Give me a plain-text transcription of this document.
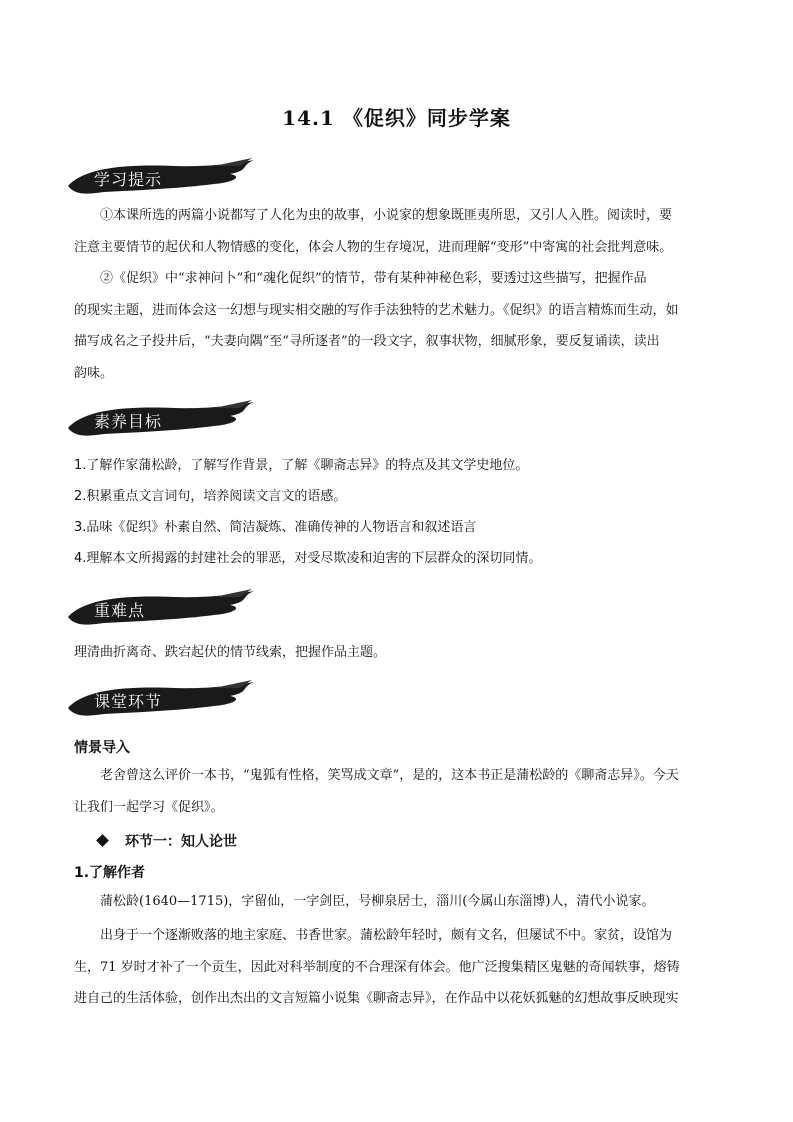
14.1 《促织》同步学案
学习提示
①本课所选的两篇小说都写了人化为虫的故事，小说家的想象既匪夷所思，又引人入胜。阅读时，要
注意主要情节的起伏和人物情感的变化，体会人物的生存境况，进而理解“变形”中寄寓的社会批判意味。
②《促织》中“求神问卜”和“魂化促织”的情节，带有某种神秘色彩，要透过这些描写，把握作品
的现实主题，进而体会这一幻想与现实相交融的写作手法独特的艺术魅力。《促织》的语言精炼而生动，如
描写成名之子投井后，“夫妻向隅”至“寻所逐者”的一段文字，叙事状物，细腻形象，要反复诵读，读出
韵味。
素养目标
1.了解作家蒲松龄，了解写作背景，了解《聊斋志异》的特点及其文学史地位。
2.积累重点文言词句，培养阅读文言文的语感。
3.品味《促织》朴素自然、简洁凝炼、准确传神的人物语言和叙述语言
4.理解本文所揭露的封建社会的罪恶，对受尽欺凌和迫害的下层群众的深切同情。
重难点
理清曲折离奇、跌宕起伏的情节线索，把握作品主题。
课堂环节
情景导入
老舍曾这么评价一本书，“鬼狐有性格，笑骂成文章”，是的，这本书正是蒲松龄的《聊斋志异》。今天
让我们一起学习《促织》。
环节一：知人论世
1.了解作者
蒲松龄(1640—1715)，字留仙，一字剑臣，号柳泉居士，淄川(今属山东淄博)人，清代小说家。
出身于一个逐渐败落的地主家庭、书香世家。蒲松龄年轻时，颇有文名，但屡试不中。家贫，设馆为
生，71 岁时才补了一个贡生，因此对科举制度的不合理深有体会。他广泛搜集精区鬼魅的奇闻轶事，熔铸
进自己的生活体验，创作出杰出的文言短篇小说集《聊斋志异》，在作品中以花妖狐魅的幻想故事反映现实
